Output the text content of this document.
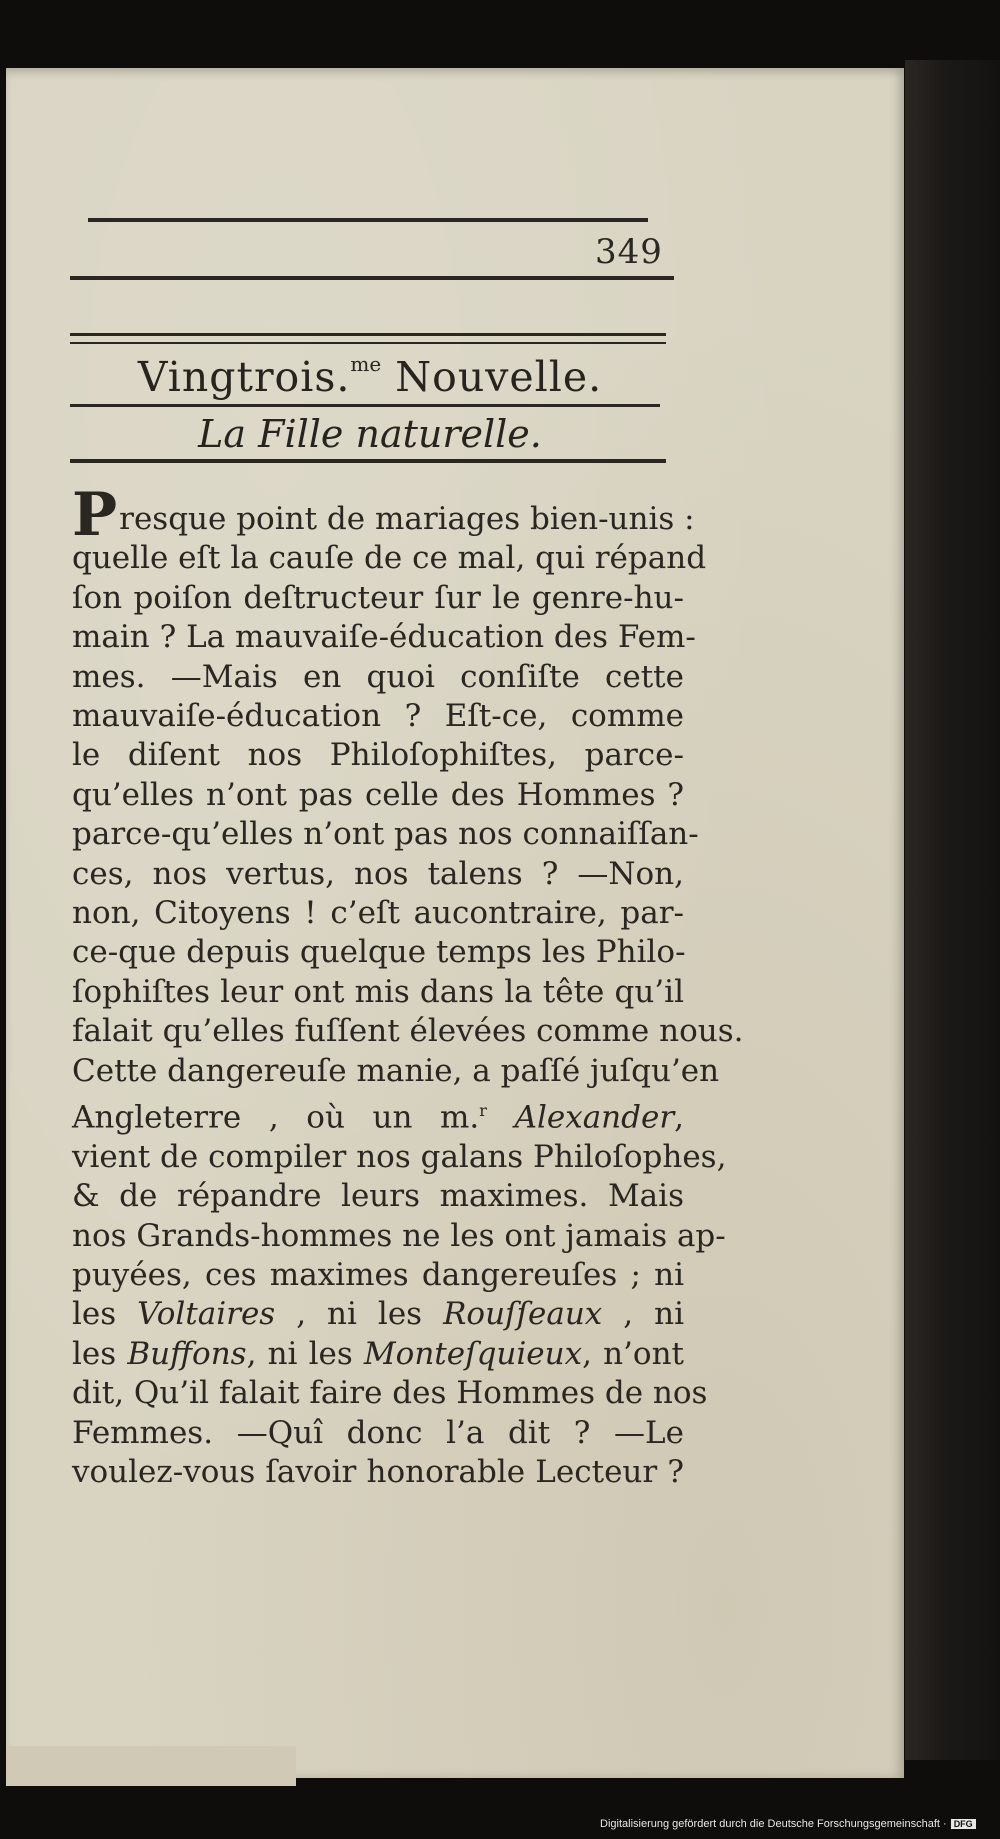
349
Vingtrois.$^{me}$ Nouvelle.
La Fille naturelle.
Presque point de mariages bien-unis :
quelle eſt la cauſe de ce mal, qui répand
ſon poiſon deſtructeur ſur le genre-hu-
main ? La mauvaiſe-éducation des Fem-
mes. —Mais en quoi conſiſte cette
mauvaiſe-éducation ? Eſt-ce, comme
le diſent nos Philoſophiſtes, parce-
qu’elles n’ont pas celle des Hommes ?
parce-qu’elles n’ont pas nos connaiſſan-
ces, nos vertus, nos talens ? —Non,
non, Citoyens ! c’eſt aucontraire, par-
ce-que depuis quelque temps les Philo-
ſophiſtes leur ont mis dans la tête qu’il
falait qu’elles fuſſent élevées comme nous.
Cette dangereuſe manie, a paſſé juſqu’en
Angleterre , où un m.$^r$ Alexander,
vient de compiler nos galans Philoſophes,
& de répandre leurs maximes. Mais
nos Grands-hommes ne les ont jamais ap-
puyées, ces maximes dangereuſes ; ni
les Voltaires , ni les Rouſſeaux , ni
les Buffons, ni les Monteſquieux, n’ont
dit, Qu’il falait faire des Hommes de nos
Femmes. —Quî donc l’a dit ? —Le
voulez-vous ſavoir honorable Lecteur ?
Digitalisierung gefördert durch die Deutsche Forschungsgemeinschaft · DFG
